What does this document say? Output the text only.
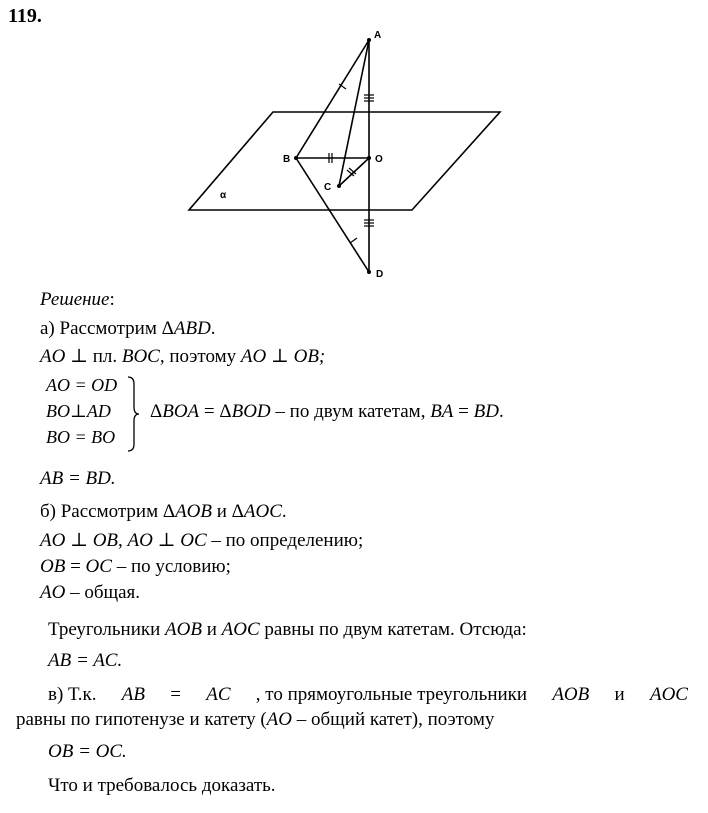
119.
A
B	O
C
D
α
Решение:
а) Рассмотрим ΔABD.
AO ⊥ пл. BOC, поэтому AO ⊥ OB;
AO = OD
BO⊥AD
BO = BO
ΔBOA = ΔBOD – по двум катетам, BA = BD.
AB = BD.
б) Рассмотрим ΔAOB и ΔAOC.
AO ⊥ OB, AO ⊥ OC – по определению;
OB = OC – по условию;
AO – общая.
Треугольники AOB и AOC равны по двум катетам. Отсюда:
AB = AC.
в) Т.к. AB = AC , то прямоугольные треугольники AOB и AOC
равны по гипотенузе и катету (AO – общий катет), поэтому
OB = OC.
Что и требовалось доказать.
